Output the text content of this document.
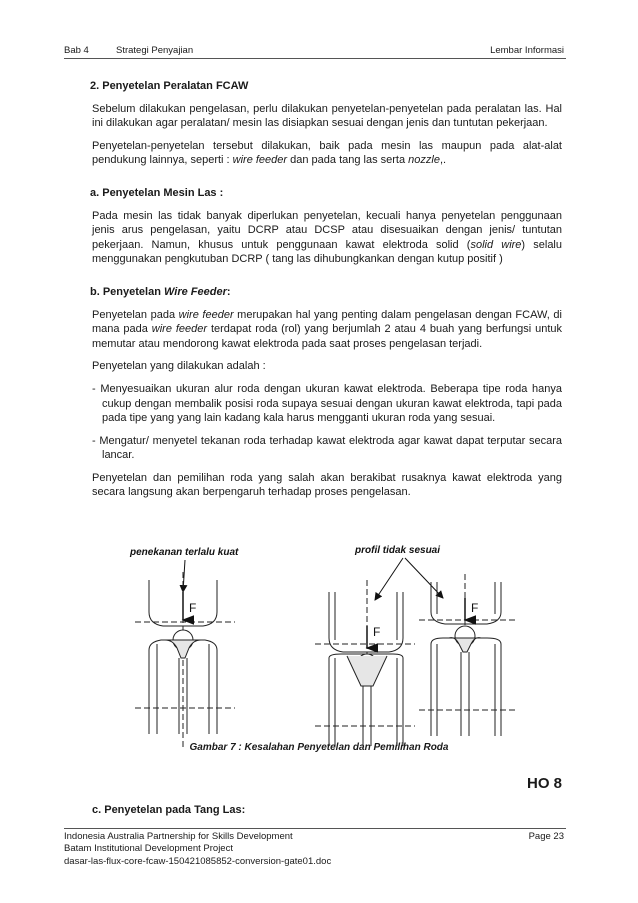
Bab 4	Strategi Penyajian	Lembar Informasi
2. Penyetelan Peralatan FCAW

Sebelum dilakukan pengelasan, perlu dilakukan penyetelan-penyetelan pada peralatan las. Hal ini dilakukan agar peralatan/ mesin las disiapkan sesuai dengan jenis dan tuntutan pekerjaan.

Penyetelan-penyetelan tersebut dilakukan, baik pada mesin las maupun pada alat-alat pendukung lainnya, seperti : wire feeder dan pada tang las serta nozzle,.

a. Penyetelan Mesin Las :

Pada mesin las tidak banyak diperlukan penyetelan, kecuali hanya penyetelan penggunaan jenis arus pengelasan, yaitu DCRP atau DCSP atau disesuaikan dengan jenis/ tuntutan pekerjaan. Namun, khusus untuk penggunaan kawat elektroda solid (solid wire) selalu menggunakan pengkutuban DCRP ( tang las dihubungkankan dengan kutup positif )

b. Penyetelan Wire Feeder:

Penyetelan pada wire feeder merupakan hal yang penting dalam pengelasan dengan FCAW, di mana pada wire feeder terdapat roda (rol) yang berjumlah 2 atau 4 buah yang berfungsi untuk memutar atau mendorong kawat elektroda pada saat proses pengelasan terjadi.

Penyetelan yang dilakukan adalah :

- Menyesuaikan ukuran alur roda dengan ukuran kawat elektroda. Beberapa tipe roda hanya cukup dengan membalik posisi roda supaya sesuai dengan ukuran kawat elektroda, tapi pada pada tipe yang yang lain kadang kala harus mengganti ukuran roda yang sesuai.
- Mengatur/ menyetel tekanan roda terhadap kawat elektroda agar kawat dapat terputar secara lancar.

Penyetelan dan pemilihan roda yang salah akan berakibat rusaknya kawat elektroda yang secara langsung akan berpengaruh terhadap proses pengelasan.

penekanan terlalu kuat	profil tidak sesuai
F
F
F
Gambar 7 : Kesalahan Penyetelan dan Pemilihan Roda
HO 8
c. Penyetelan pada Tang Las:
Indonesia Australia Partnership for Skills Development
Batam Institutional Development Project
dasar-las-flux-core-fcaw-150421085852-conversion-gate01.doc
Page 23
